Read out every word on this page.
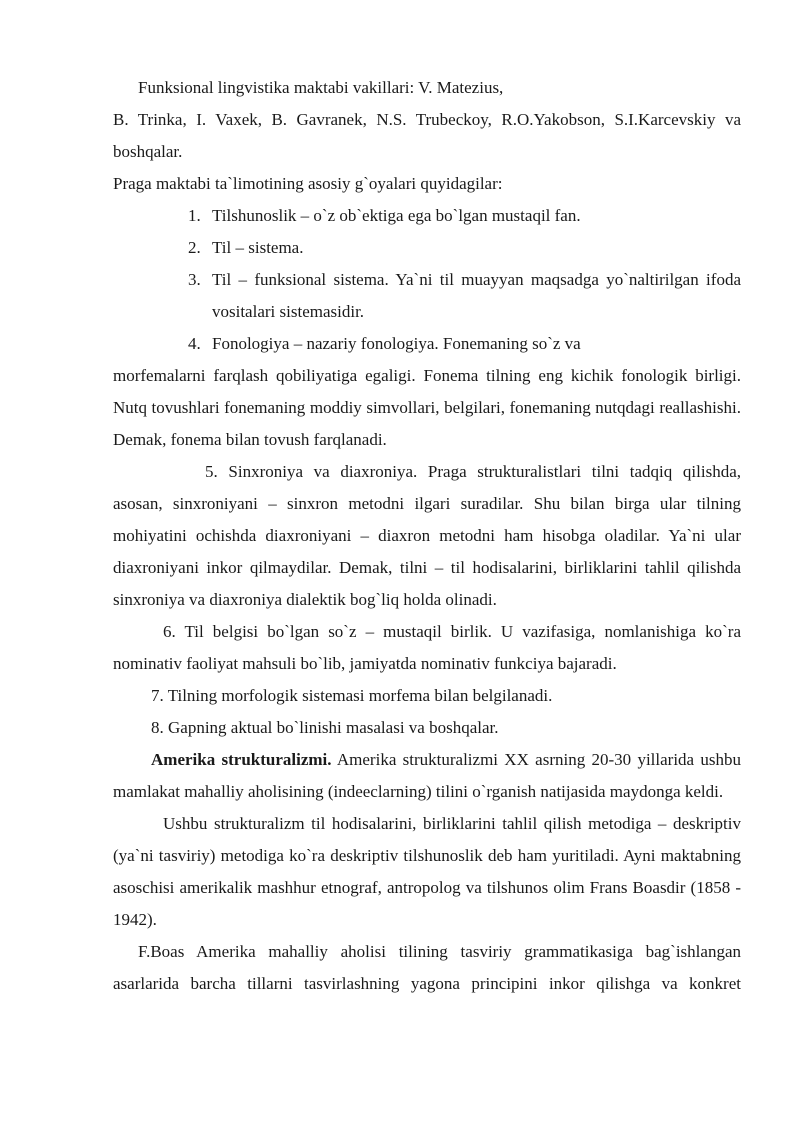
Funksional lingvistika maktabi vakillari: V. Matezius,

B. Trinka, I. Vaxek, B. Gavranek, N.S. Trubeckoy, R.O.Yakobson, S.I.Karcevskiy va boshqalar.

Praga maktabi ta`limotining asosiy g`oyalari quyidagilar:

1. Tilshunoslik – o`z ob`ektiga ega bo`lgan mustaqil fan.
2. Til – sistema.
3. Til – funksional sistema. Ya`ni til muayyan maqsadga yo`naltirilgan ifoda vositalari sistemasidir.
4. Fonologiya – nazariy fonologiya. Fonemaning so`z va

morfemalarni farqlash qobiliyatiga egaligi. Fonema tilning eng kichik fonologik birligi. Nutq tovushlari fonemaning moddiy simvollari, belgilari, fonemaning nutqdagi reallashishi. Demak, fonema bilan tovush farqlanadi.

5. Sinxroniya va diaxroniya. Praga strukturalistlari tilni tadqiq qilishda, asosan, sinxroniyani – sinxron metodni ilgari suradilar. Shu bilan birga ular tilning mohiyatini ochishda diaxroniyani – diaxron metodni ham hisobga oladilar. Ya`ni ular diaxroniyani inkor qilmaydilar. Demak, tilni – til hodisalarini, birliklarini tahlil qilishda sinxroniya va diaxroniya dialektik bog`liq holda olinadi.

6. Til belgisi bo`lgan so`z – mustaqil birlik. U vazifasiga, nomlanishiga ko`ra nominativ faoliyat mahsuli bo`lib, jamiyatda nominativ funkciya bajaradi.

7. Tilning morfologik sistemasi morfema bilan belgilanadi.

8. Gapning aktual bo`linishi masalasi va boshqalar.

Amerika strukturalizmi. Amerika strukturalizmi XX asrning 20-30 yillarida ushbu mamlakat mahalliy aholisining (indeeclarning) tilini o`rganish natijasida maydonga keldi.

Ushbu strukturalizm til hodisalarini, birliklarini tahlil qilish metodiga – deskriptiv (ya`ni tasviriy) metodiga ko`ra deskriptiv tilshunoslik deb ham yuritiladi. Ayni maktabning asoschisi amerikalik mashhur etnograf, antropolog va tilshunos olim Frans Boasdir (1858 - 1942).

F.Boas Amerika mahalliy aholisi tilining tasviriy grammatikasiga bag`ishlangan asarlarida barcha tillarni tasvirlashning yagona principini inkor qilishga va konkret
